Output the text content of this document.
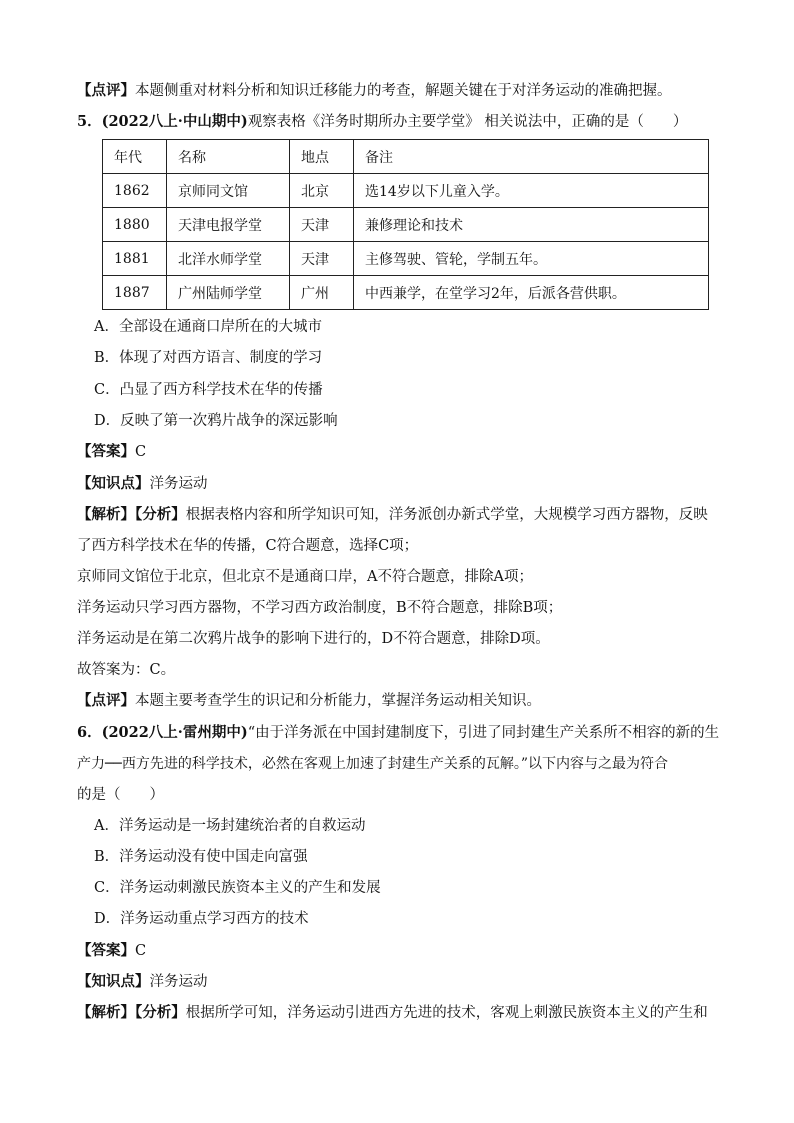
【点评】本题侧重对材料分析和知识迁移能力的考查，解题关键在于对洋务运动的准确把握。
5．(2022八上·中山期中)观察表格《洋务时期所办主要学堂》 相关说法中，正确的是（　　）
年代	名称	地点	备注
1862	京师同文馆	北京	选14岁以下儿童入学。
1880	天津电报学堂	天津	兼修理论和技术
1881	北洋水师学堂	天津	主修驾驶、管轮，学制五年。
1887	广州陆师学堂	广州	中西兼学，在堂学习2年，后派各营供职。
A．全部设在通商口岸所在的大城市
B．体现了对西方语言、制度的学习
C．凸显了西方科学技术在华的传播
D．反映了第一次鸦片战争的深远影响
【答案】C
【知识点】洋务运动
【解析】【分析】根据表格内容和所学知识可知，洋务派创办新式学堂，大规模学习西方器物，反映
了西方科学技术在华的传播，C符合题意，选择C项；
京师同文馆位于北京，但北京不是通商口岸，A不符合题意，排除A项；
洋务运动只学习西方器物，不学习西方政治制度，B不符合题意，排除B项；
洋务运动是在第二次鸦片战争的影响下进行的，D不符合题意，排除D项。
故答案为：C。
【点评】本题主要考查学生的识记和分析能力，掌握洋务运动相关知识。
6．(2022八上·雷州期中)“由于洋务派在中国封建制度下，引进了同封建生产关系所不相容的新的生
产力──西方先进的科学技术，必然在客观上加速了封建生产关系的瓦解。”以下内容与之最为符合
的是（　　）
A．洋务运动是一场封建统治者的自救运动
B．洋务运动没有使中国走向富强
C．洋务运动刺激民族资本主义的产生和发展
D．洋务运动重点学习西方的技术
【答案】C
【知识点】洋务运动
【解析】【分析】根据所学可知，洋务运动引进西方先进的技术，客观上刺激民族资本主义的产生和
